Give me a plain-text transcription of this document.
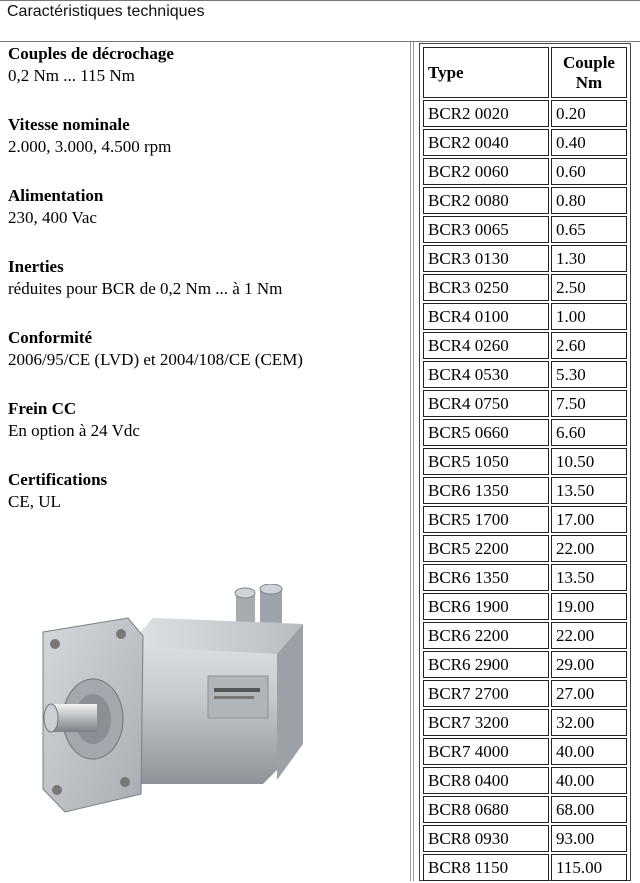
Caractéristiques techniques
Couples de décrochage
0,2 Nm ... 115 Nm
Vitesse nominale
2.000, 3.000, 4.500 rpm
Alimentation
230, 400 Vac
Inerties
réduites pour BCR de 0,2 Nm ... à 1 Nm
Conformité
2006/95/CE (LVD) et 2004/108/CE (CEM)
Frein CC
En option à 24 Vdc
Certifications
CE, UL
Type	Couple
Nm
BCR2 0020	0.20
BCR2 0040	0.40
BCR2 0060	0.60
BCR2 0080	0.80
BCR3 0065	0.65
BCR3 0130	1.30
BCR3 0250	2.50
BCR4 0100	1.00
BCR4 0260	2.60
BCR4 0530	5.30
BCR4 0750	7.50
BCR5 0660	6.60
BCR5 1050	10.50
BCR6 1350	13.50
BCR5 1700	17.00
BCR5 2200	22.00
BCR6 1350	13.50
BCR6 1900	19.00
BCR6 2200	22.00
BCR6 2900	29.00
BCR7 2700	27.00
BCR7 3200	32.00
BCR7 4000	40.00
BCR8 0400	40.00
BCR8 0680	68.00
BCR8 0930	93.00
BCR8 1150	115.00
